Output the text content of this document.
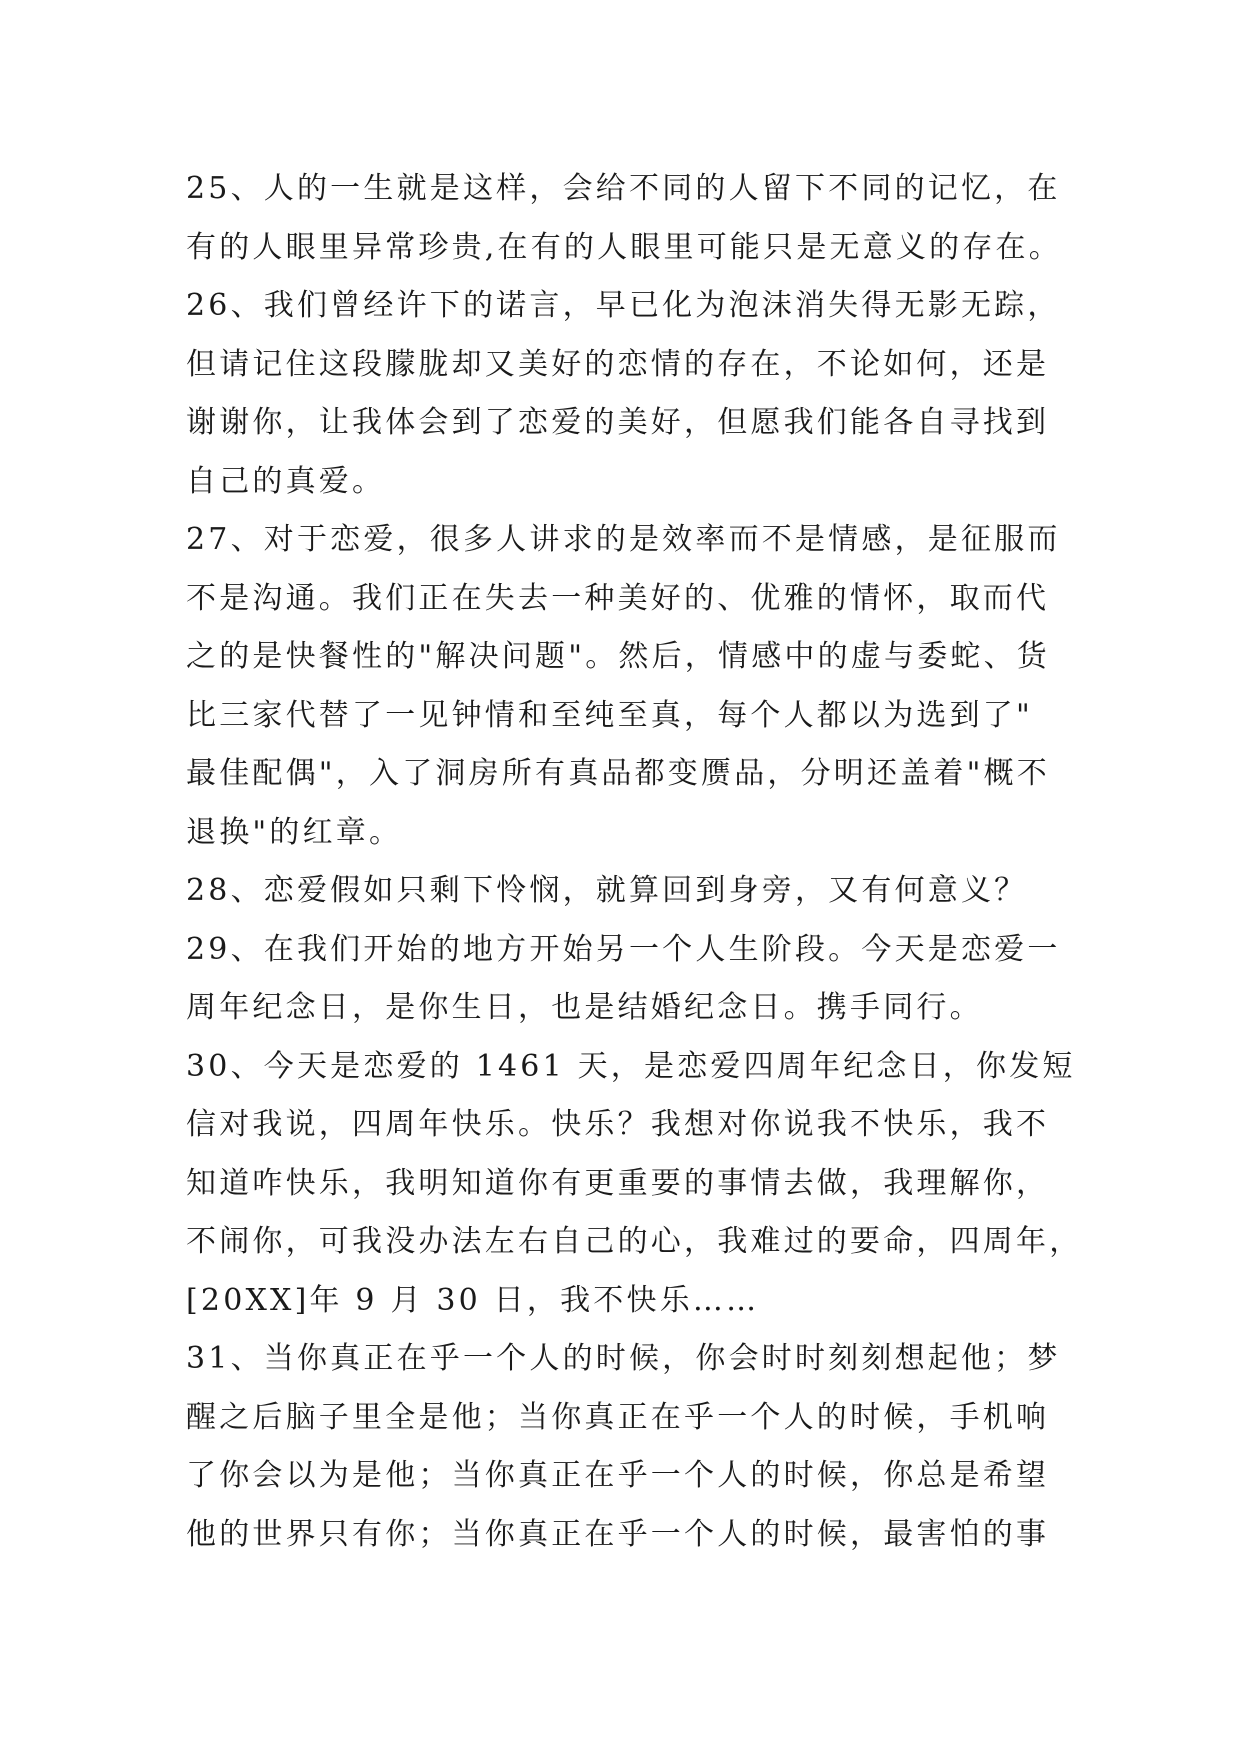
25、人的一生就是这样，会给不同的人留下不同的记忆，在
有的人眼里异常珍贵,在有的人眼里可能只是无意义的存在。
26、我们曾经许下的诺言，早已化为泡沫消失得无影无踪，
但请记住这段朦胧却又美好的恋情的存在，不论如何，还是
谢谢你，让我体会到了恋爱的美好，但愿我们能各自寻找到
自己的真爱。
27、对于恋爱，很多人讲求的是效率而不是情感，是征服而
不是沟通。我们正在失去一种美好的、优雅的情怀，取而代
之的是快餐性的"解决问题"。然后，情感中的虚与委蛇、货
比三家代替了一见钟情和至纯至真，每个人都以为选到了"
最佳配偶"，入了洞房所有真品都变赝品，分明还盖着"概不
退换"的红章。
28、恋爱假如只剩下怜悯，就算回到身旁，又有何意义？
29、在我们开始的地方开始另一个人生阶段。今天是恋爱一
周年纪念日，是你生日，也是结婚纪念日。携手同行。
30、今天是恋爱的 1461 天，是恋爱四周年纪念日，你发短
信对我说，四周年快乐。快乐？我想对你说我不快乐，我不
知道咋快乐，我明知道你有更重要的事情去做，我理解你，
不闹你，可我没办法左右自己的心，我难过的要命，四周年，
[20XX]年 9 月 30 日，我不快乐……
31、当你真正在乎一个人的时候，你会时时刻刻想起他；梦
醒之后脑子里全是他；当你真正在乎一个人的时候，手机响
了你会以为是他；当你真正在乎一个人的时候，你总是希望
他的世界只有你；当你真正在乎一个人的时候，最害怕的事
